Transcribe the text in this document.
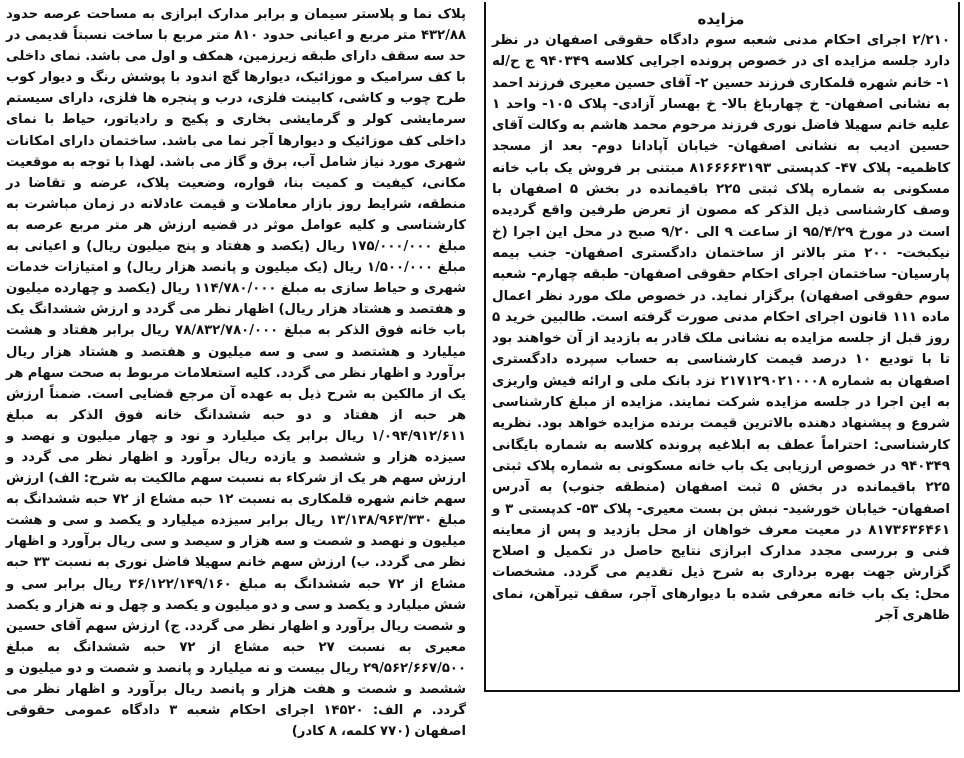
پلاک نما و پلاستر سیمان و برابر مدارک ابرازی به مساحت عرصه حدود ۴۳۲/۸۸ متر مربع و اعیانی حدود ۸۱۰ متر مربع با ساخت نسبتاً قدیمی در حد سه سقف دارای طبقه زیرزمین، همکف و اول می باشد. نمای داخلی با کف سرامیک و موزائیک، دیوارها گچ اندود با پوشش رنگ و دیوار کوب طرح چوب و کاشی، کابینت فلزی، درب و پنجره ها فلزی، دارای سیستم سرمایشی کولر و گرمایشی بخاری و پکیج و رادیاتور، حیاط با نمای داخلی کف موزائیک و دیوارها آجر نما می باشد. ساختمان دارای امکانات شهری مورد نیاز شامل آب، برق و گاز می باشد. لهذا با توجه به موقعیت مکانی، کیفیت و کمیت بنا، قواره، وضعیت پلاک، عرضه و تقاضا در منطقه، شرایط روز بازار معاملات و قیمت عادلانه در زمان مباشرت به کارشناسی و کلیه عوامل موثر در قضیه ارزش هر متر مربع عرصه به مبلغ ۱۷۵/۰۰۰/۰۰۰ ریال (یکصد و هفتاد و پنج میلیون ریال) و اعیانی به مبلغ ۱/۵۰۰/۰۰۰ ریال (یک میلیون و پانصد هزار ریال) و امتیازات خدمات شهری و حیاط سازی به مبلغ ۱۱۴/۷۸۰/۰۰۰ ریال (یکصد و چهارده میلیون و هفتصد و هشتاد هزار ریال) اظهار نظر می گردد و ارزش ششدانگ یک باب خانه فوق الذکر به مبلغ ۷۸/۸۳۲/۷۸۰/۰۰۰ ریال برابر هفتاد و هشت میلیارد و هشتصد و سی و سه میلیون و هفتصد و هشتاد هزار ریال برآورد و اظهار نظر می گردد. کلیه استعلامات مربوط به صحت سهام هر یک از مالکین به شرح ذیل به عهده آن مرجع قضایی است. ضمناً ارزش هر حبه از هفتاد و دو حبه ششدانگ خانه فوق الذکر به مبلغ ۱/۰۹۴/۹۱۲/۶۱۱ ریال برابر یک میلیارد و نود و چهار میلیون و نهصد و سیزده هزار و ششصد و یازده ریال برآورد و اظهار نظر می گردد و ارزش سهم هر یک از شرکاء به نسبت سهم مالکیت به شرح: الف) ارزش سهم خانم شهره قلمکاری به نسبت ۱۲ حبه مشاع از ۷۲ حبه ششدانگ به مبلغ ۱۳/۱۳۸/۹۶۳/۳۳۰ ریال برابر سیزده میلیارد و یکصد و سی و هشت میلیون و نهصد و شصت و سه هزار و سیصد و سی ریال برآورد و اظهار نظر می گردد. ب) ارزش سهم خانم سهیلا فاضل نوری به نسبت ۳۳ حبه مشاع از ۷۲ حبه ششدانگ به مبلغ ۳۶/۱۲۲/۱۴۹/۱۶۰ ریال برابر سی و شش میلیارد و یکصد و سی و دو میلیون و یکصد و چهل و نه هزار و یکصد و شصت ریال برآورد و اظهار نظر می گردد. ج) ارزش سهم آقای حسین معیری به نسبت ۲۷ حبه مشاع از ۷۲ حبه ششدانگ به مبلغ ۲۹/۵۶۲/۶۶۷/۵۰۰ ریال بیست و نه میلیارد و پانصد و شصت و دو میلیون و ششصد و شصت و هفت هزار و پانصد ریال برآورد و اظهار نظر می گردد. م الف: ۱۴۵۲۰ اجرای احکام شعبه ۳ دادگاه عمومی حقوقی اصفهان (۷۷۰ کلمه، ۸ کادر)

مزایده

۲/۲۱۰ اجرای احکام مدنی شعبه سوم دادگاه حقوقی اصفهان در نظر دارد جلسه مزایده ای در خصوص پرونده اجرایی کلاسه ۹۴۰۳۴۹ ج ح/له ۱- خانم شهره قلمکاری فرزند حسین ۲- آقای حسین معیری فرزند احمد به نشانی اصفهان- خ چهارباغ بالا- خ بهسار آزادی- پلاک ۱۰۵- واحد ۱ علیه خانم سهیلا فاضل نوری فرزند مرحوم محمد هاشم به وکالت آقای حسین ادیب به نشانی اصفهان- خیابان آپادانا دوم- بعد از مسجد کاظمیه- پلاک ۴۷- کدپستی ۸۱۶۶۶۶۳۱۹۳ مبتنی بر فروش یک باب خانه مسکونی به شماره پلاک ثبتی ۲۲۵ باقیمانده در بخش ۵ اصفهان با وصف کارشناسی ذیل الذکر که مصون از تعرض طرفین واقع گردیده است در مورخ ۹۵/۴/۲۹ از ساعت ۹ الی ۹/۲۰ صبح در محل این اجرا (خ نیکبخت- ۲۰۰ متر بالاتر از ساختمان دادگستری اصفهان- جنب بیمه پارسیان- ساختمان اجرای احکام حقوقی اصفهان- طبقه چهارم- شعبه سوم حقوقی اصفهان) برگزار نماید. در خصوص ملک مورد نظر اعمال ماده ۱۱۱ قانون اجرای احکام مدنی صورت گرفته است. طالبین خرید ۵ روز قبل از جلسه مزایده به نشانی ملک قادر به بازدید از آن خواهند بود تا با تودیع ۱۰ درصد قیمت کارشناسی به حساب سپرده دادگستری اصفهان به شماره ۲۱۷۱۲۹۰۲۱۰۰۰۸ نزد بانک ملی و ارائه فیش واریزی به این اجرا در جلسه مزایده شرکت نمایند. مزایده از مبلغ کارشناسی شروع و پیشنهاد دهنده بالاترین قیمت برنده مزایده خواهد بود. نظریه کارشناسی: احتراماً عطف به ابلاغیه پرونده کلاسه به شماره بایگانی ۹۴۰۳۴۹ در خصوص ارزیابی یک باب خانه مسکونی به شماره پلاک ثبتی ۲۲۵ باقیمانده در بخش ۵ ثبت اصفهان (منطقه جنوب) به آدرس اصفهان- خیابان خورشید- نبش بن بست معیری- پلاک ۵۳- کدپستی ۳ و ۸۱۷۳۶۳۶۴۶۱ در معیت معرف خواهان از محل بازدید و پس از معاینه فنی و بررسی مجدد مدارک ابرازی نتایج حاصل در تکمیل و اصلاح گزارش جهت بهره برداری به شرح ذیل تقدیم می گردد. مشخصات محل: یک باب خانه معرفی شده با دیوارهای آجر، سقف تیرآهن، نمای ظاهری آجر
